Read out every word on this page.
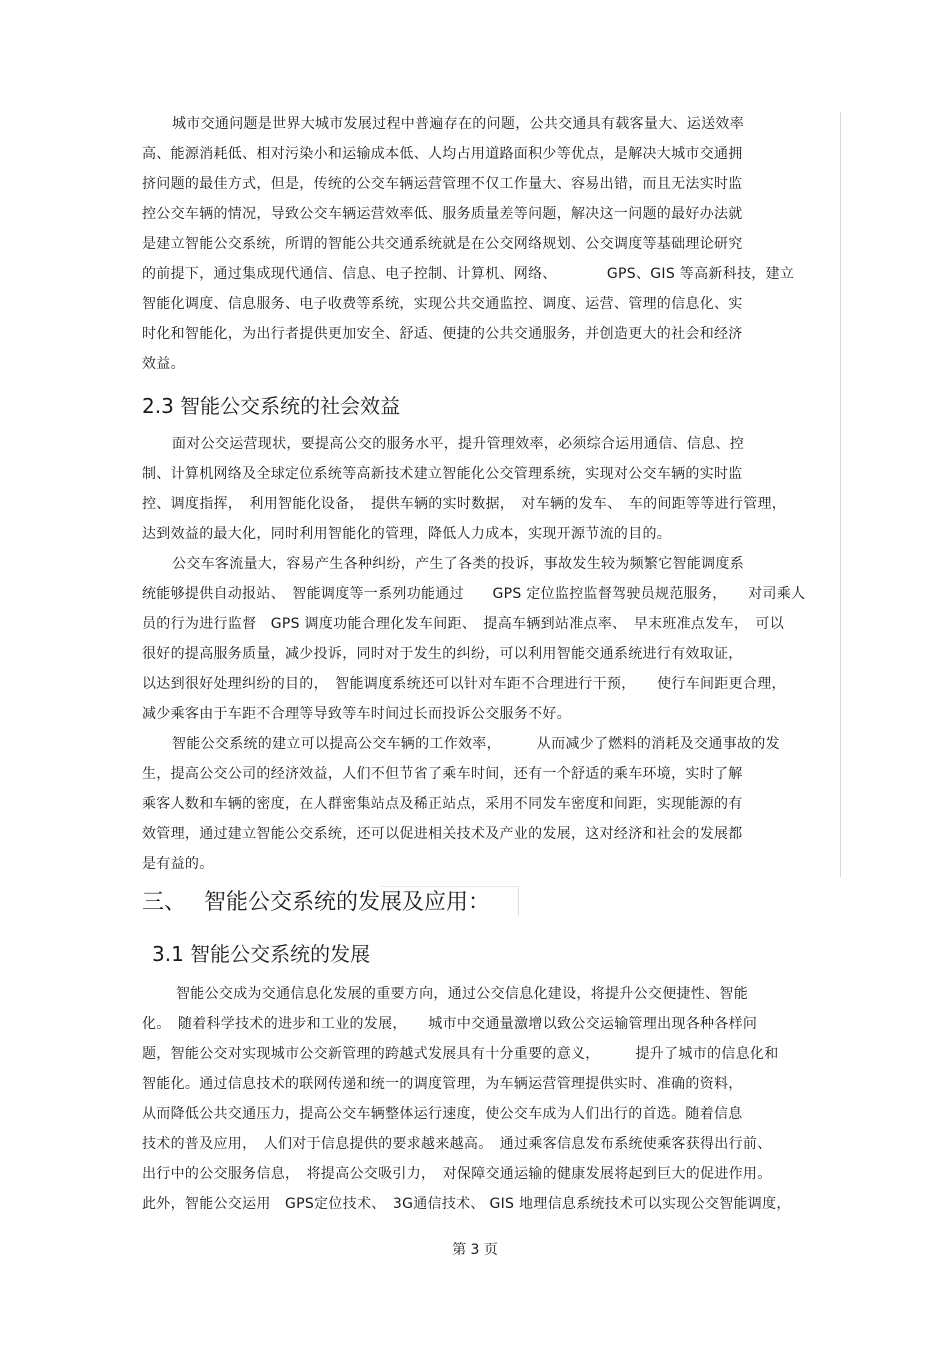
城市交通问题是世界大城市发展过程中普遍存在的问题，公共交通具有载客量大、运送效率
高、能源消耗低、相对污染小和运输成本低、人均占用道路面积少等优点，是解决大城市交通拥
挤问题的最佳方式，但是，传统的公交车辆运营管理不仅工作量大、容易出错，而且无法实时监
控公交车辆的情况，导致公交车辆运营效率低、服务质量差等问题，解决这一问题的最好办法就
是建立智能公交系统，所谓的智能公共交通系统就是在公交网络规划、公交调度等基础理论研究
的前提下，通过集成现代通信、信息、电子控制、计算机、网络、　　　　GPS、GIS 等高新科技，建立
智能化调度、信息服务、电子收费等系统，实现公共交通监控、调度、运营、管理的信息化、实
时化和智能化，为出行者提供更加安全、舒适、便捷的公共交通服务，并创造更大的社会和经济
效益。
2.3 智能公交系统的社会效益
面对公交运营现状，要提高公交的服务水平，提升管理效率，必须综合运用通信、信息、控
制、计算机网络及全球定位系统等高新技术建立智能化公交管理系统，实现对公交车辆的实时监
控、调度指挥，　利用智能化设备，　提供车辆的实时数据，　对车辆的发车、　车的间距等等进行管理，
达到效益的最大化，同时利用智能化的管理，降低人力成本，实现开源节流的目的。
公交车客流量大，容易产生各种纠纷，产生了各类的投诉，事故发生较为频繁它智能调度系
统能够提供自动报站、　智能调度等一系列功能通过　　GPS 定位监控监督驾驶员规范服务，　　对司乘人
员的行为进行监督　GPS 调度功能合理化发车间距、　提高车辆到站准点率、　早末班准点发车，　可以
很好的提高服务质量，减少投诉，同时对于发生的纠纷，可以利用智能交通系统进行有效取证，
以达到很好处理纠纷的目的，　智能调度系统还可以针对车距不合理进行干预，　　使行车间距更合理，
减少乘客由于车距不合理等导致等车时间过长而投诉公交服务不好。
智能公交系统的建立可以提高公交车辆的工作效率，　　　从而减少了燃料的消耗及交通事故的发
生，提高公交公司的经济效益，人们不但节省了乘车时间，还有一个舒适的乘车环境，实时了解
乘客人数和车辆的密度，在人群密集站点及稀正站点，采用不同发车密度和间距，实现能源的有
效管理，通过建立智能公交系统，还可以促进相关技术及产业的发展，这对经济和社会的发展都
是有益的。
三、　 智能公交系统的发展及应用：
3.1 智能公交系统的发展
智能公交成为交通信息化发展的重要方向，通过公交信息化建设，将提升公交便捷性、智能
化。　随着科学技术的进步和工业的发展，　　城市中交通量激增以致公交运输管理出现各种各样问
题，智能公交对实现城市公交新管理的跨越式发展具有十分重要的意义，　　　提升了城市的信息化和
智能化。通过信息技术的联网传递和统一的调度管理，为车辆运营管理提供实时、准确的资料，
从而降低公共交通压力，提高公交车辆整体运行速度，使公交车成为人们出行的首选。随着信息
技术的普及应用，　人们对于信息提供的要求越来越高。　通过乘客信息发布系统使乘客获得出行前、
出行中的公交服务信息，　将提高公交吸引力，　对保障交通运输的健康发展将起到巨大的促进作用。
此外，智能公交运用　GPS定位技术、　3G通信技术、 GIS 地理信息系统技术可以实现公交智能调度，
第 3 页
